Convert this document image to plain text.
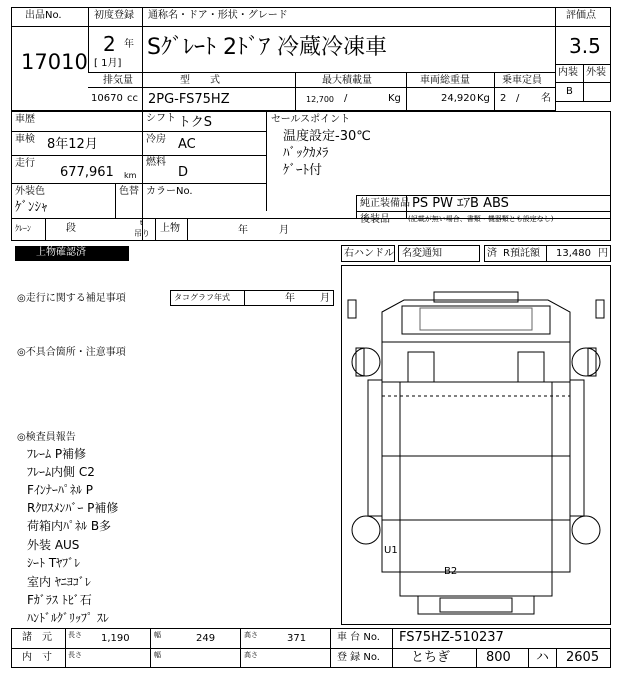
出品No.
17010
初度登録
2 年
[ 1月]
通称名・ドア・形状・グレード
Sｸﾞﾚｰﾄ 2ﾄﾞｱ 冷蔵冷凍車
評価点
3.5
内装 外装
B
排気量
10670 cc
型　　式
2PG-FS75HZ
最大積載量
12,700 /	Kg
車両総重量
24,920 Kg
乗車定員
2 / 名
車歴	シフト トクS
車検 8年12月	冷房 AC
走行
677,961 km
燃料
D
外装色	色替 カラーNo.
ｹﾞﾝｼｬ
ｸﾚｰﾝ	段	t
吊り 上物	年	月
セールスポイント
温度設定-30℃
ﾊﾞｯｸｶﾒﾗ
ｹﾞｰﾄ付
純正装備品 PS PW ｴｱB ABS
後装品	(記載が無い場合、書類・機器類とも設定なし)
上物確認済	右ハンドル 名変通知	済 R預託額 13,480 円
◎走行に関する補足事項	タコグラフ年式	年	月
◎不具合箇所・注意事項
◎検査員報告
ﾌﾚｰﾑ P補修
ﾌﾚｰﾑ内側 C2
Fｲﾝﾅｰﾊﾟﾈﾙ P
Rｸﾛｽﾒﾝﾊﾞｰ P補修
荷箱内ﾊﾟﾈﾙ B多
外装 AUS
ｼｰﾄ Tﾔﾌﾞﾚ
室内 ﾔﾆﾖｺﾞﾚ
Fｶﾞﾗｽ ﾄﾋﾞ石
ﾊﾝﾄﾞﾙｸﾞﾘｯﾌﾟ ｽﾚ
U1
B2
諸　元 長さ 1,190	幅	249	高さ	371
内　寸 長さ	幅	高さ
車 台 No. FS75HZ-510237
登 録 No. とちぎ	800 ハ 2605
